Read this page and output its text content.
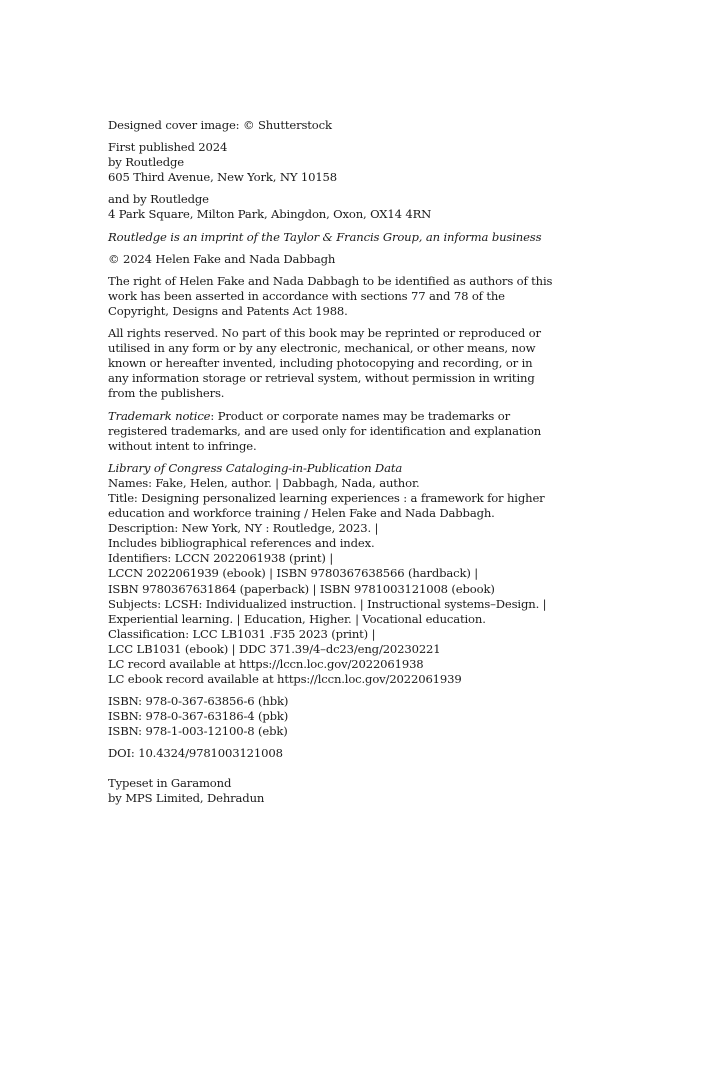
Designed cover image: © Shutterstock
First published 2024
by Routledge
605 Third Avenue, New York, NY 10158
and by Routledge
4 Park Square, Milton Park, Abingdon, Oxon, OX14 4RN
Routledge is an imprint of the Taylor & Francis Group, an informa business
© 2024 Helen Fake and Nada Dabbagh
The right of Helen Fake and Nada Dabbagh to be identified as authors of this
work has been asserted in accordance with sections 77 and 78 of the
Copyright, Designs and Patents Act 1988.
All rights reserved. No part of this book may be reprinted or reproduced or
utilised in any form or by any electronic, mechanical, or other means, now
known or hereafter invented, including photocopying and recording, or in
any information storage or retrieval system, without permission in writing
from the publishers.
Trademark notice: Product or corporate names may be trademarks or
registered trademarks, and are used only for identification and explanation
without intent to infringe.
Library of Congress Cataloging-in-Publication Data
Names: Fake, Helen, author. | Dabbagh, Nada, author.
Title: Designing personalized learning experiences : a framework for higher
education and workforce training / Helen Fake and Nada Dabbagh.
Description: New York, NY : Routledge, 2023. |
Includes bibliographical references and index.
Identifiers: LCCN 2022061938 (print) |
LCCN 2022061939 (ebook) | ISBN 9780367638566 (hardback) |
ISBN 9780367631864 (paperback) | ISBN 9781003121008 (ebook)
Subjects: LCSH: Individualized instruction. | Instructional systems–Design. |
Experiential learning. | Education, Higher. | Vocational education.
Classification: LCC LB1031 .F35 2023 (print) |
LCC LB1031 (ebook) | DDC 371.39/4–dc23/eng/20230221
LC record available at https://lccn.loc.gov/2022061938
LC ebook record available at https://lccn.loc.gov/2022061939
ISBN: 978-0-367-63856-6 (hbk)
ISBN: 978-0-367-63186-4 (pbk)
ISBN: 978-1-003-12100-8 (ebk)
DOI: 10.4324/9781003121008
Typeset in Garamond
by MPS Limited, Dehradun
